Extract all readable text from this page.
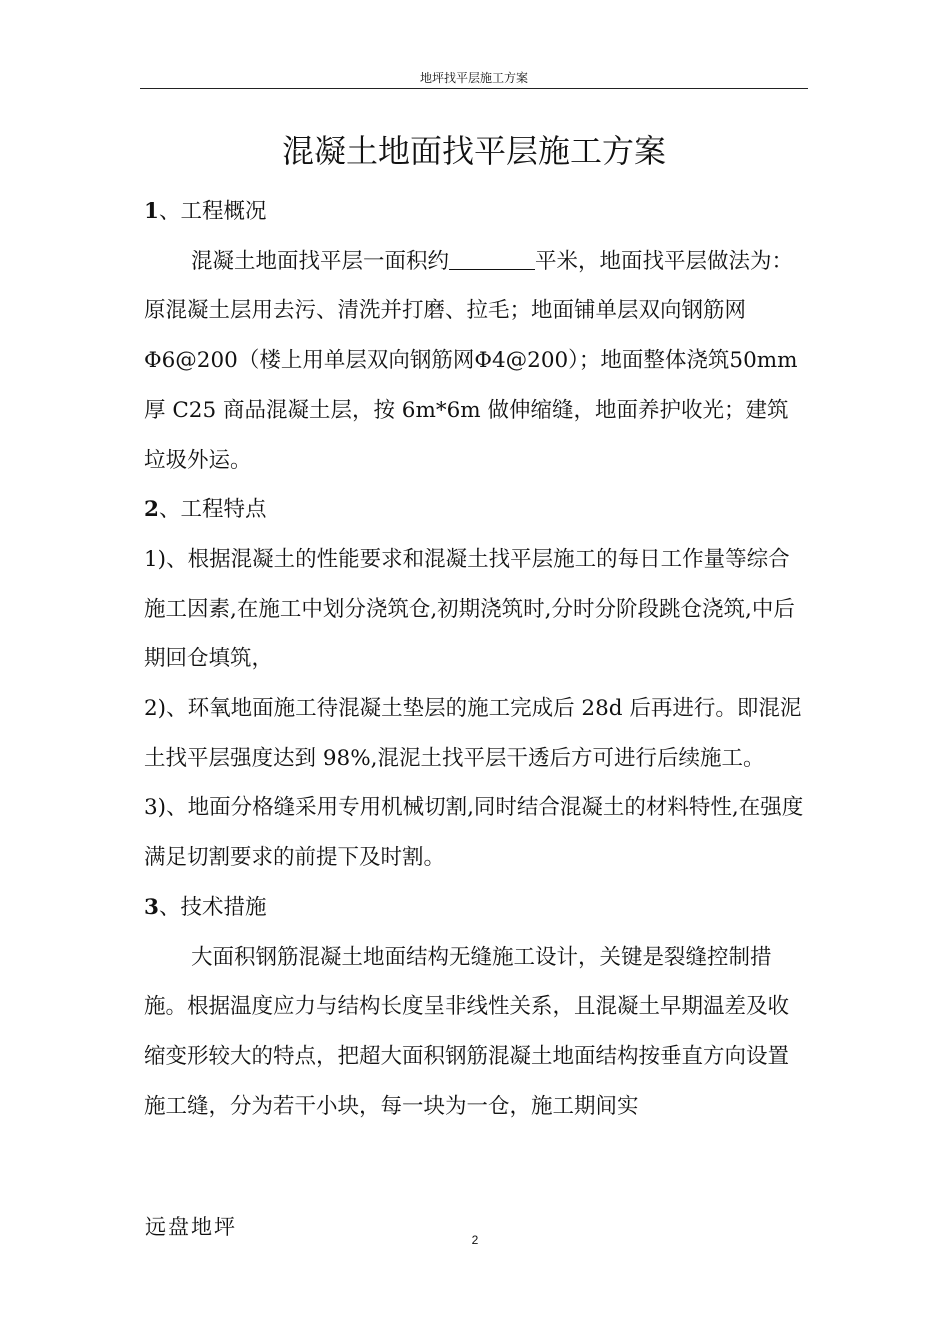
地坪找平层施工方案
混凝土地面找平层施工方案

1、工程概况

混凝土地面找平层一面积约	平米，地面找平层做法为：原混凝土层用去污、清洗并打磨、拉毛；地面铺单层双向钢筋网Φ6@200（楼上用单层双向钢筋网Φ4@200）；地面整体浇筑50mm 厚 C25 商品混凝土层，按 6m*6m 做伸缩缝，地面养护收光；建筑垃圾外运。

2、工程特点

1)、根据混凝土的性能要求和混凝土找平层施工的每日工作量等综合施工因素,在施工中划分浇筑仓,初期浇筑时,分时分阶段跳仓浇筑,中后期回仓填筑，

2)、环氧地面施工待混凝土垫层的施工完成后 28d 后再进行。即混泥土找平层强度达到 98%,混泥土找平层干透后方可进行后续施工。

3)、地面分格缝采用专用机械切割,同时结合混凝土的材料特性,在强度满足切割要求的前提下及时割。

3、技术措施

大面积钢筋混凝土地面结构无缝施工设计，关键是裂缝控制措施。根据温度应力与结构长度呈非线性关系，且混凝土早期温差及收缩变形较大的特点，把超大面积钢筋混凝土地面结构按垂直方向设置施工缝，分为若干小块，每一块为一仓，施工期间实

远盘地坪
2
